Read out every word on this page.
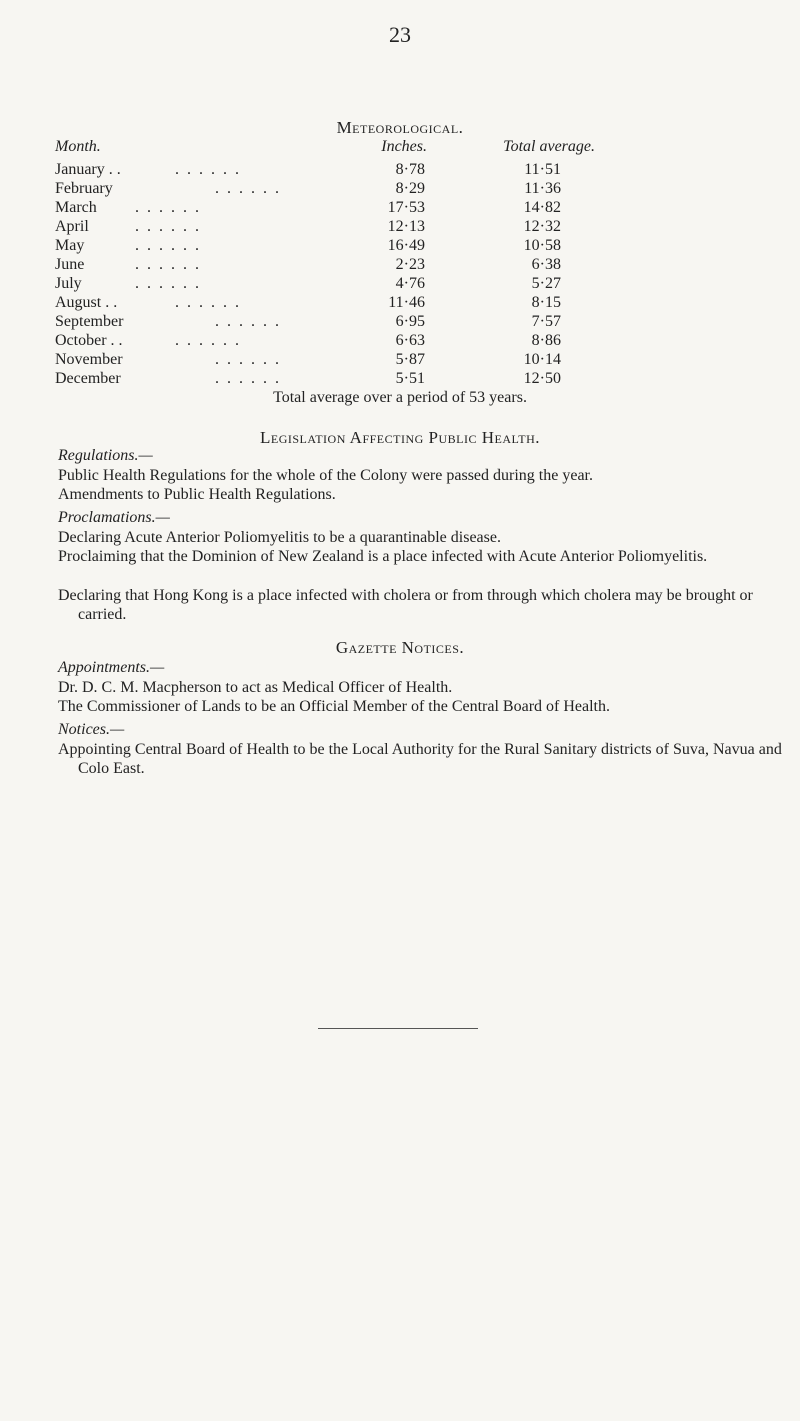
23
Meteorological.
Month.	Inches.	Total average.
January . .	. . . . . .	8·78	11·51
February	. . . . . .	8·29	11·36
March . . . . . .	17·53	14·82
April	. . . . . .	12·13	12·32
May	. . . . . .	16·49	10·58
June	. . . . . .	2·23	6·38
July	. . . . . .	4·76	5·27
August . .	. . . . . .	11·46	8·15
September	. . . . . .	6·95	7·57
October . .	. . . . . .	6·63	8·86
November	. . . . . .	5·87	10·14
December	. . . . . .	5·51	12·50
Total average over a period of 53 years.
Legislation Affecting Public Health.
Regulations.—
Public Health Regulations for the whole of the Colony were passed during the year.
Amendments to Public Health Regulations.
Proclamations.—
Declaring Acute Anterior Poliomyelitis to be a quarantinable disease.
Proclaiming that the Dominion of New Zealand is a place infected with Acute Anterior Poliomyelitis.
Declaring that Hong Kong is a place infected with cholera or from through which cholera may be brought or carried.
Gazette Notices.
Appointments.—
Dr. D. C. M. Macpherson to act as Medical Officer of Health.
The Commissioner of Lands to be an Official Member of the Central Board of Health.
Notices.—
Appointing Central Board of Health to be the Local Authority for the Rural Sanitary districts of Suva, Navua and Colo East.
